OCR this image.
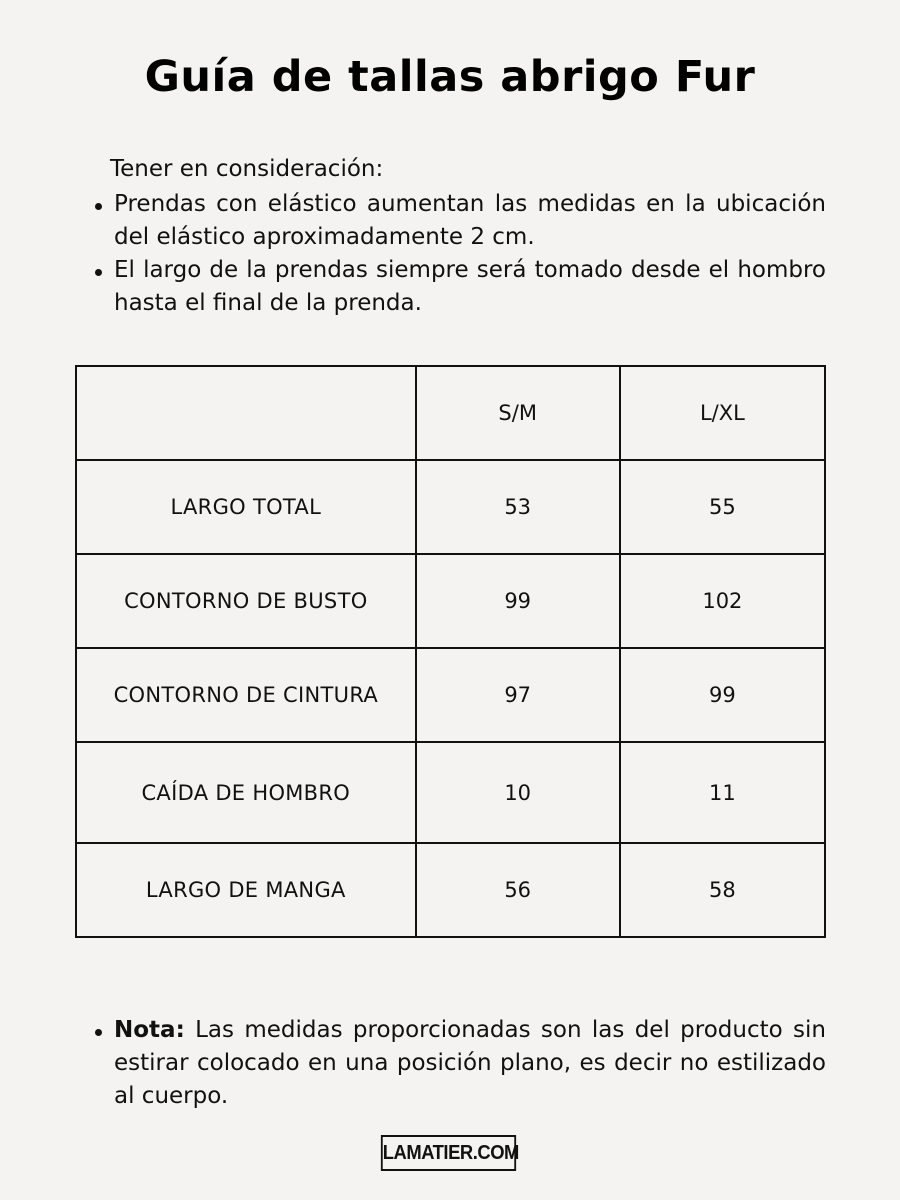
Guía de tallas abrigo Fur
Tener en consideración:
Prendas con elástico aumentan las medidas en la ubicación del elástico aproximadamente 2 cm.
El largo de la prendas siempre será tomado desde el hombro hasta el final de la prenda.
	S/M	L/XL
LARGO TOTAL	53	55
CONTORNO DE BUSTO	99	102
CONTORNO DE CINTURA	97	99
CAÍDA DE HOMBRO	10	11
LARGO DE MANGA	56	58
Nota: Las medidas proporcionadas son las del producto sin estirar colocado en una posición plano, es decir no estilizado al cuerpo.
LAMATIER.COM
